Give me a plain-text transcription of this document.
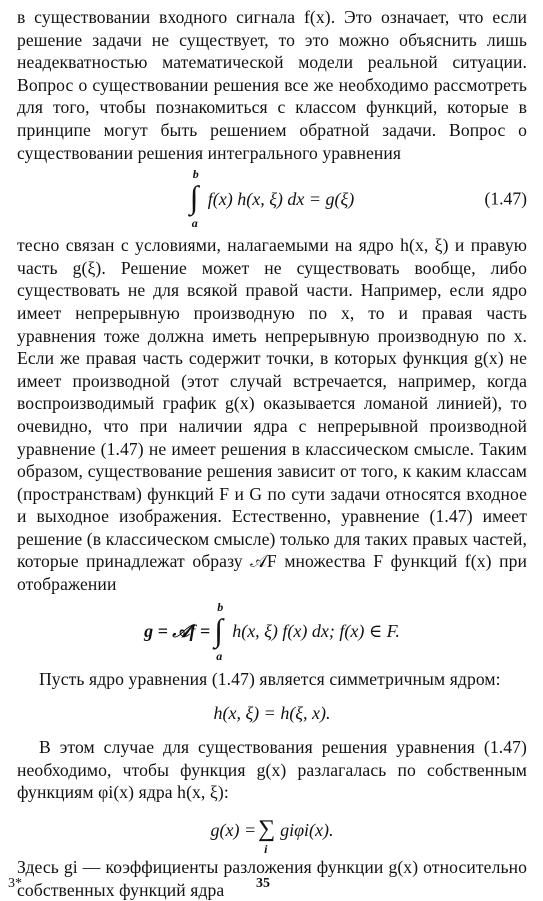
в существовании входного сигнала f(x). Это означает, что если решение задачи не существует, то это можно объяснить лишь неадекватностью математической модели реальной ситуации. Вопрос о существовании решения все же необходимо рассмотреть для того, чтобы познакомиться с классом функций, которые в принципе могут быть решением обратной задачи. Вопрос о существовании решения интегрального уравнения

∫
b
a
f(x) h(x, ξ) dx = g(ξ)	(1.47)

тесно связан с условиями, налагаемыми на ядро h(x, ξ) и правую часть g(ξ). Решение может не существовать вообще, либо существовать не для всякой правой части. Например, если ядро имеет непрерывную производную по x, то и правая часть уравнения тоже должна иметь непрерывную производную по x. Если же правая часть содержит точки, в которых функция g(x) не имеет производной (этот случай встречается, например, когда воспроизводимый график g(x) оказывается ломаной линией), то очевидно, что при наличии ядра с непрерывной производной уравнение (1.47) не имеет решения в классическом смысле. Таким образом, существование решения зависит от того, к каким классам (пространствам) функций F и G по сути задачи относятся входное и выходное изображения. Естественно, уравнение (1.47) имеет решение (в классическом смысле) только для таких правых частей, которые принадлежат образу 𝒜F множества F функций f(x) при отображении

g = 𝒜f = ∫
b
a
h(x, ξ) f(x) dx; f(x) ∈ F.

Пусть ядро уравнения (1.47) является симметричным ядром:

h(x, ξ) = h(ξ, x).

В этом случае для существования решения уравнения (1.47) необходимо, чтобы функция g(x) разлагалась по собственным функциям φi(x) ядра h(x, ξ):

g(x) = ∑
i
giφi(x).

Здесь gi — коэффициенты разложения функции g(x) относительно собственных функций ядра

3*	35
